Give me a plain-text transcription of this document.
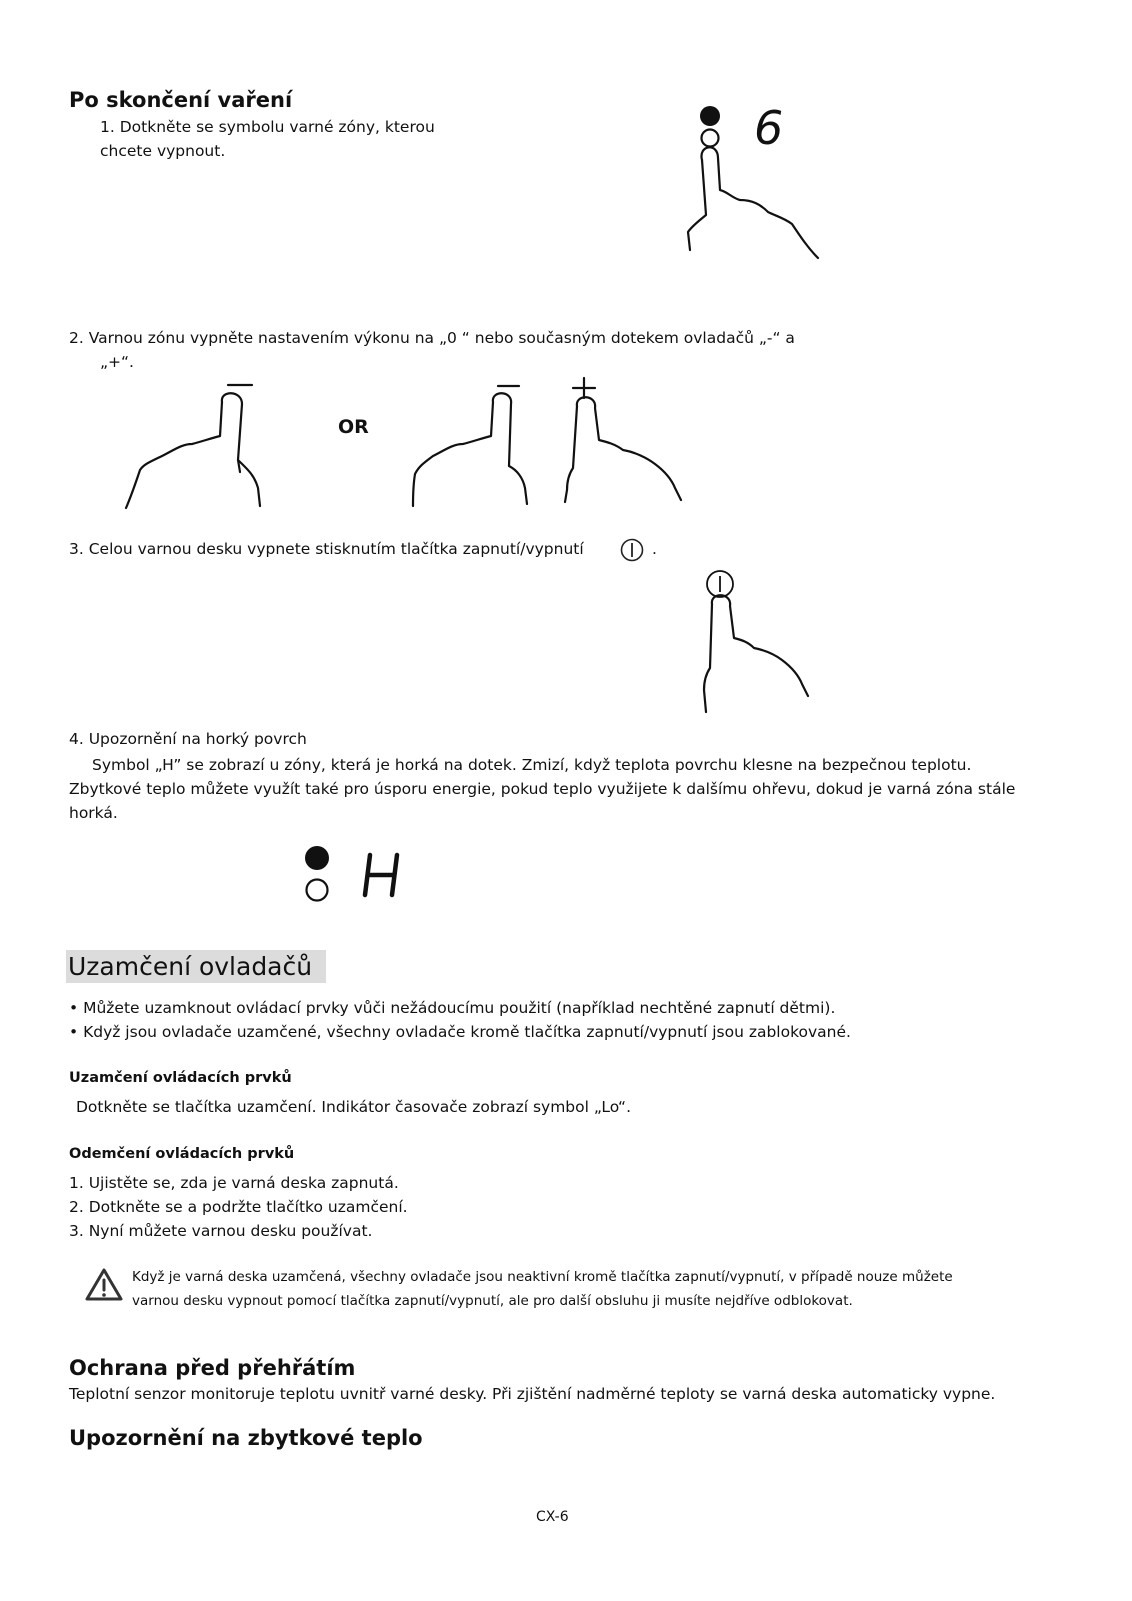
Po skončení vaření
1. Dotkněte se symbolu varné zóny, kterou
chcete vypnout.	6
2. Varnou zónu vypněte nastavením výkonu na „0 “ nebo současným dotekem ovladačů „-“ a
„+“.
OR
3. Celou varnou desku vypnete stisknutím tlačítka zapnutí/vypnutí	.
4. Upozornění na horký povrch
Symbol „H” se zobrazí u zóny, která je horká na dotek. Zmizí, když teplota povrchu klesne na bezpečnou teplotu.
Zbytkové teplo můžete využít také pro úsporu energie, pokud teplo využijete k dalšímu ohřevu, dokud je varná zóna stále
horká.
Uzamčení ovladačů
• Můžete uzamknout ovládací prvky vůči nežádoucímu použití (například nechtěné zapnutí dětmi).
• Když jsou ovladače uzamčené, všechny ovladače kromě tlačítka zapnutí/vypnutí jsou zablokované.
Uzamčení ovládacích prvků
Dotkněte se tlačítka uzamčení. Indikátor časovače zobrazí symbol „Lo“.
Odemčení ovládacích prvků
1. Ujistěte se, zda je varná deska zapnutá.
2. Dotkněte se a podržte tlačítko uzamčení.
3. Nyní můžete varnou desku používat.
Když je varná deska uzamčená, všechny ovladače jsou neaktivní kromě tlačítka zapnutí/vypnutí, v případě nouze můžete
varnou desku vypnout pomocí tlačítka zapnutí/vypnutí, ale pro další obsluhu ji musíte nejdříve odblokovat.
Ochrana před přehřátím
Teplotní senzor monitoruje teplotu uvnitř varné desky. Při zjištění nadměrné teploty se varná deska automaticky vypne.
Upozornění na zbytkové teplo
CX-6
